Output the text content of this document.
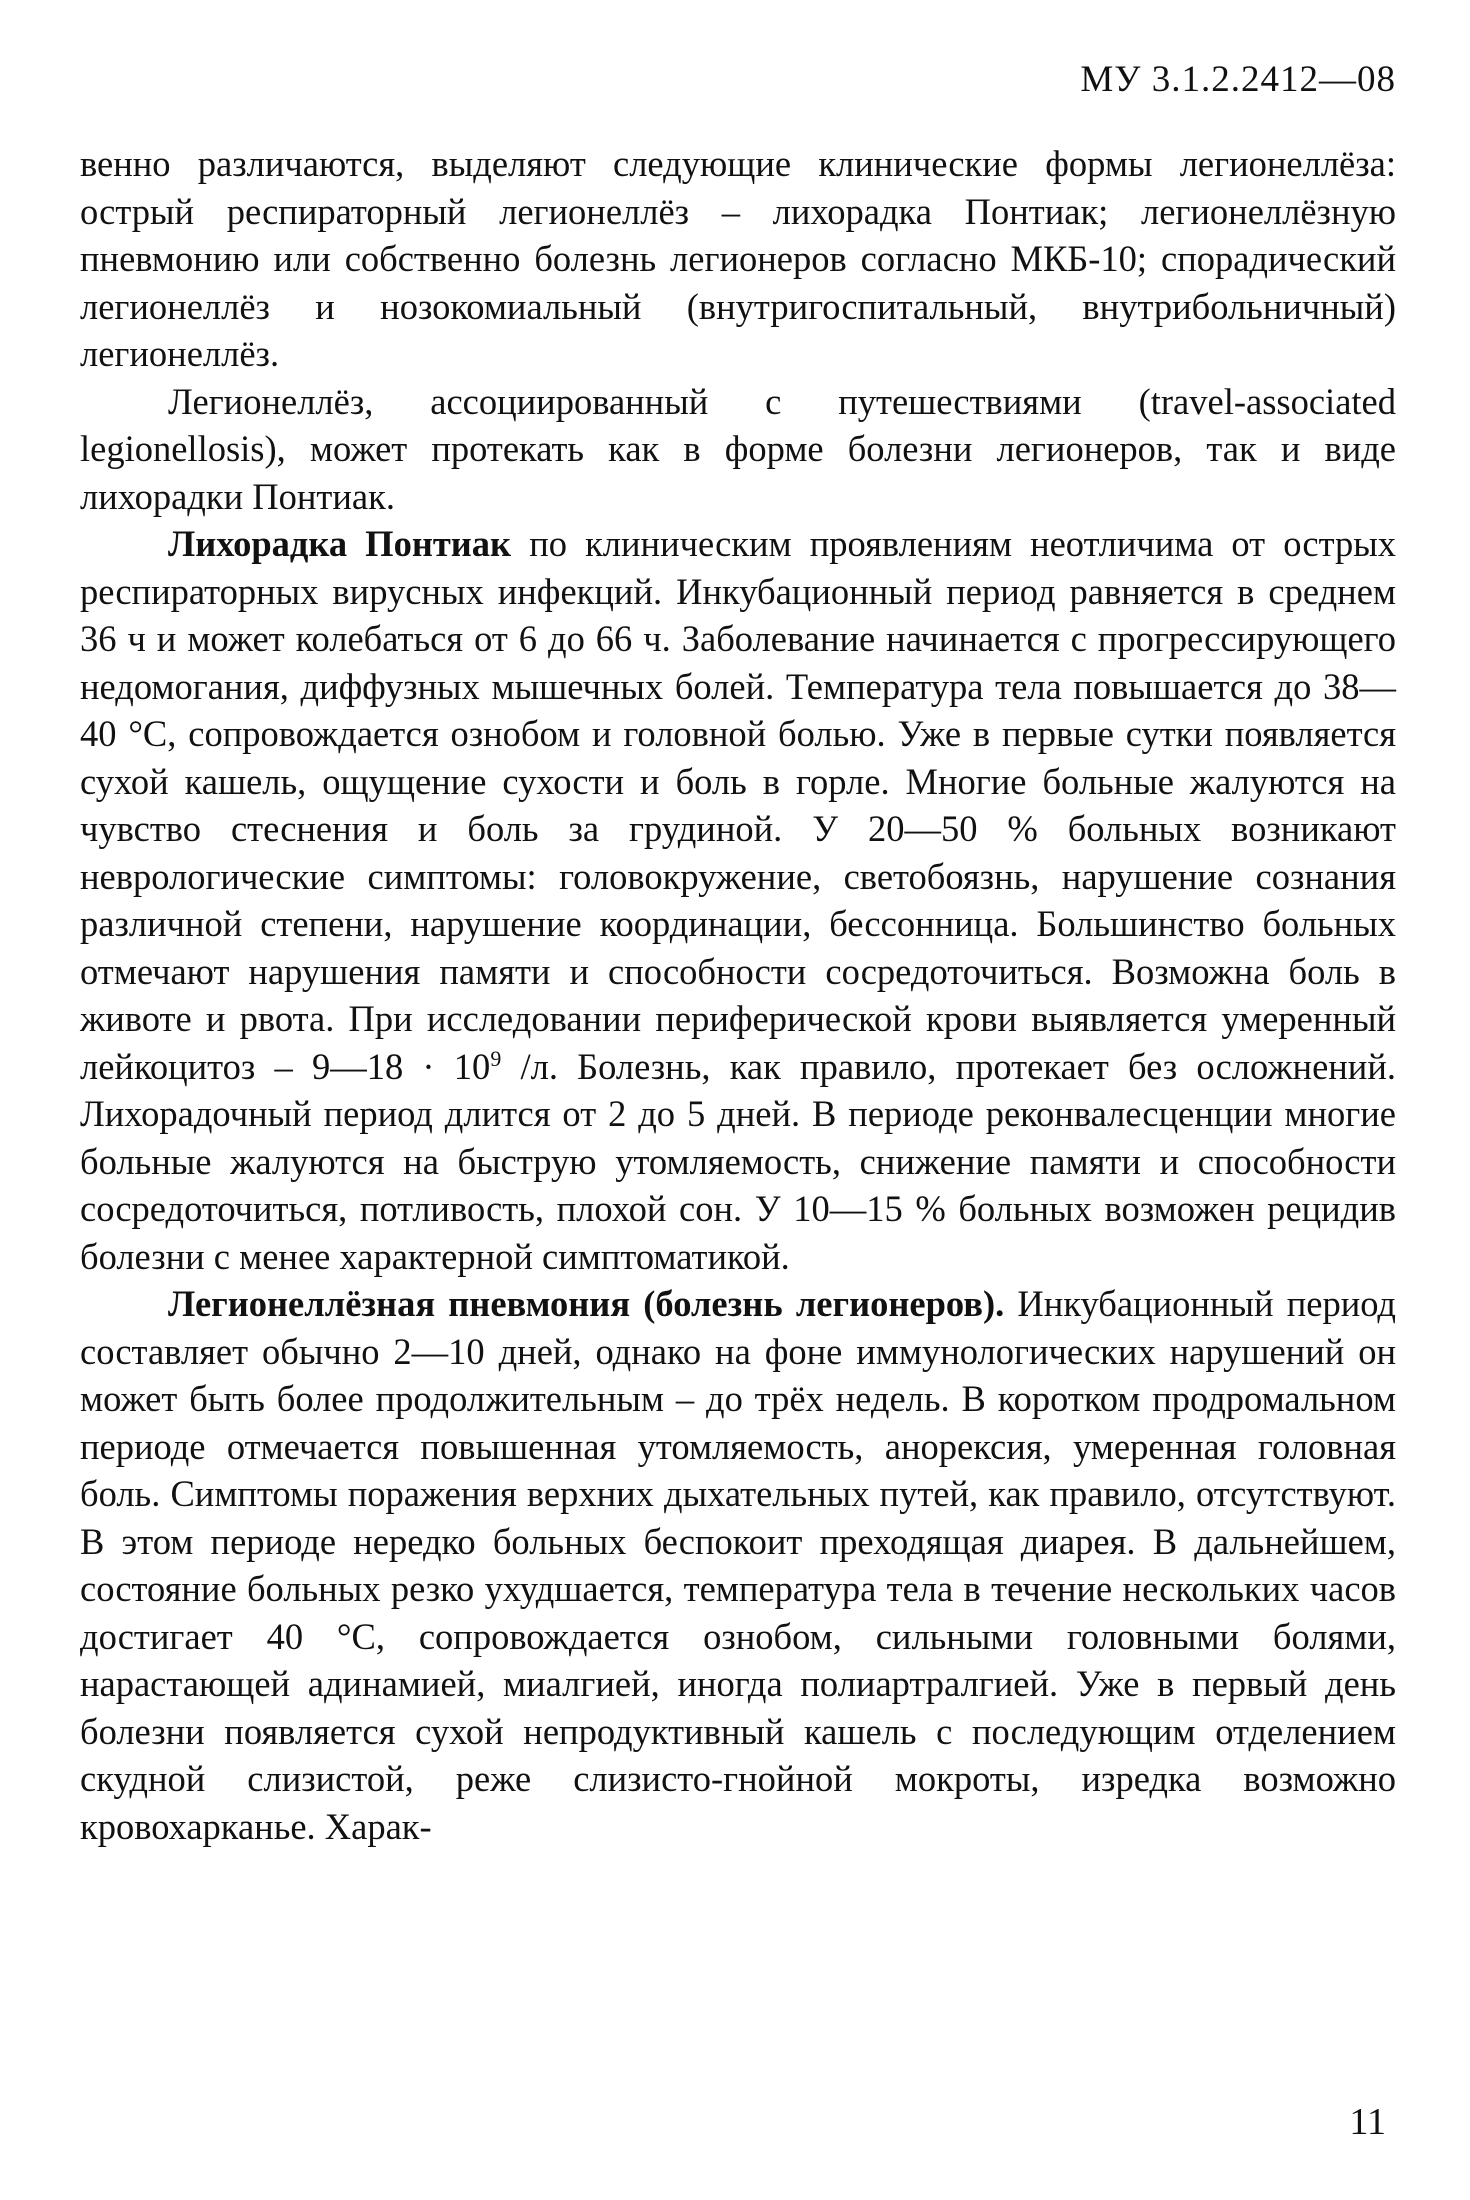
МУ 3.1.2.2412—08

венно различаются, выделяют следующие клинические формы легионеллёза: острый респираторный легионеллёз – лихорадка Понтиак; легионеллёзную пневмонию или собственно болезнь легионеров согласно МКБ-10; спорадический легионеллёз и нозокомиальный (внутригоспитальный, внутрибольничный) легионеллёз.

Легионеллёз, ассоциированный с путешествиями (travel-associated legionellosis), может протекать как в форме болезни легионеров, так и виде лихорадки Понтиак.

Лихорадка Понтиак по клиническим проявлениям неотличима от острых респираторных вирусных инфекций. Инкубационный период равняется в среднем 36 ч и может колебаться от 6 до 66 ч. Заболевание начинается с прогрессирующего недомогания, диффузных мышечных болей. Температура тела повышается до 38—40 °С, сопровождается ознобом и головной болью. Уже в первые сутки появляется сухой кашель, ощущение сухости и боль в горле. Многие больные жалуются на чувство стеснения и боль за грудиной. У 20—50 % больных возникают неврологические симптомы: головокружение, светобоязнь, нарушение сознания различной степени, нарушение координации, бессонница. Большинство больных отмечают нарушения памяти и способности сосредоточиться. Возможна боль в животе и рвота. При исследовании периферической крови выявляется умеренный лейкоцитоз – 9—18 · $10^9$ /л. Болезнь, как правило, протекает без осложнений. Лихорадочный период длится от 2 до 5 дней. В периоде реконвалесценции многие больные жалуются на быструю утомляемость, снижение памяти и способности сосредоточиться, потливость, плохой сон. У 10—15 % больных возможен рецидив болезни с менее характерной симптоматикой.

Легионеллёзная пневмония (болезнь легионеров). Инкубационный период составляет обычно 2—10 дней, однако на фоне иммунологических нарушений он может быть более продолжительным – до трёх недель. В коротком продромальном периоде отмечается повышенная утомляемость, анорексия, умеренная головная боль. Симптомы поражения верхних дыхательных путей, как правило, отсутствуют. В этом периоде нередко больных беспокоит преходящая диарея. В дальнейшем, состояние больных резко ухудшается, температура тела в течение нескольких часов достигает 40 °С, сопровождается ознобом, сильными головными болями, нарастающей адинамией, миалгией, иногда полиартралгией. Уже в первый день болезни появляется сухой непродуктивный кашель с последующим отделением скудной слизистой, реже слизисто-гнойной мокроты, изредка возможно кровохарканье. Харак-

11
